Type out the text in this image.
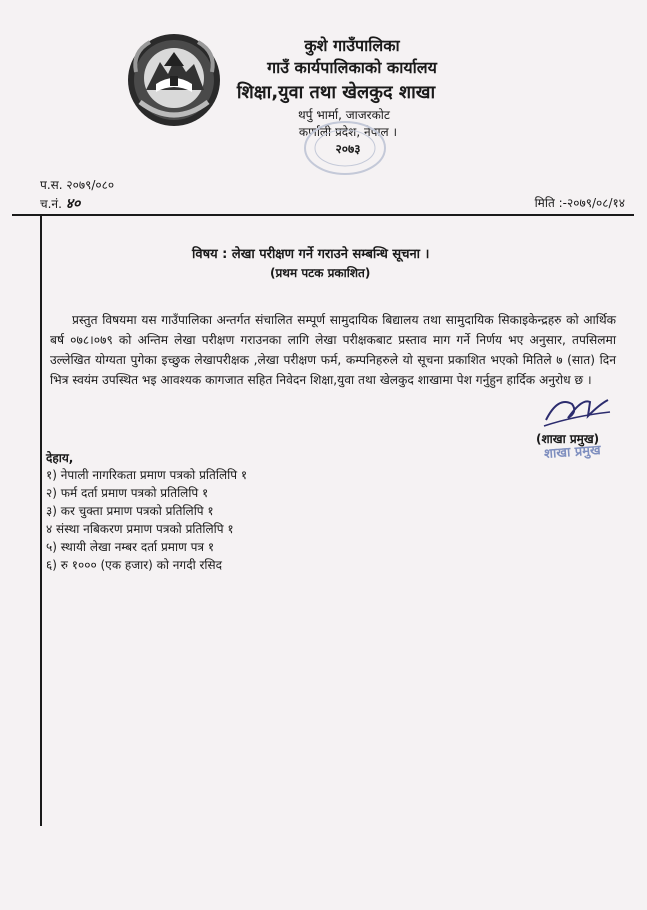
कुशे गाउँपालिका
गाउँ कार्यपालिकाको कार्यालय
शिक्षा,युवा तथा खेलकुद शाखा
थर्पु भार्मा, जाजरकोट
कर्णाली प्रदेश, नेपाल ।
२०७३
प.स. २०७९/०८०
च.नं. ४०	मिति :-२०७९/०८/१४
विषय : लेखा परीक्षण गर्ने गराउने सम्बन्धि सूचना ।
(प्रथम पटक प्रकाशित)

प्रस्तुत विषयमा यस गाउँपालिका अन्तर्गत संचालित सम्पूर्ण सामुदायिक बिद्यालय तथा सामुदायिक सिकाइकेन्द्रहरु को आर्थिक बर्ष ०७८।०७९ को अन्तिम लेखा परीक्षण गराउनका लागि लेखा परीक्षकबाट प्रस्ताव माग गर्ने निर्णय भए अनुसार, तपसिलमा उल्लेखित योग्यता पुगेका इच्छुक लेखापरीक्षक ,लेखा परीक्षण फर्म, कम्पनिहरुले यो सूचना प्रकाशित भएको मितिले ७ (सात) दिन भित्र स्वयंम उपस्थित भइ आवश्यक कागजात सहित निवेदन शिक्षा,युवा तथा खेलकुद शाखामा पेश गर्नुहुन हार्दिक अनुरोध छ ।

(शाखा प्रमुख)
शाखा प्रमुख
देहाय,
१) नेपाली नागरिकता प्रमाण पत्रको प्रतिलिपि १
२) फर्म दर्ता प्रमाण पत्रको प्रतिलिपि १
३) कर चुक्ता प्रमाण पत्रको प्रतिलिपि १
४ संस्था नबिकरण प्रमाण पत्रको प्रतिलिपि १
५) स्थायी लेखा नम्बर दर्ता प्रमाण पत्र १
६) रु १००० (एक हजार) को नगदी रसिद
